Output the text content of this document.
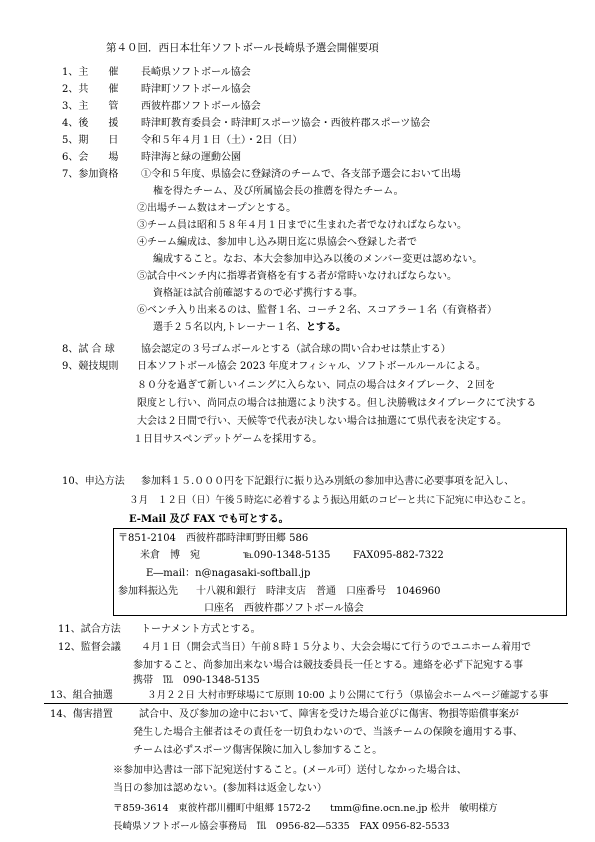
第４０回．西日本壮年ソフトボール長崎県予選会開催要項
1、主　　催 長崎県ソフトボール協会
2、共　　催 時津町ソフトボール協会
3、主　　管 西彼杵郡ソフトボール協会
4、後　　援 時津町教育委員会・時津町スポーツ協会・西彼杵郡スポーツ協会
5、期　　日 令和５年４月１日（土）・2日（日）
6、会　　場 時津海と緑の運動公園
7、参加資格 ①令和５年度、県協会に登録済のチームで、各支部予選会において出場
権を得たチーム、及び所属協会長の推薦を得たチーム。
②出場チーム数はオープンとする。
③チーム員は昭和５８年４月１日までに生まれた者でなければならない。
④チーム編成は、参加申し込み期日迄に県協会へ登録した者で
編成すること。なお、本大会参加申込み以後のメンバー変更は認めない。
⑤試合中ベンチ内に指導者資格を有する者が常時いなければならない。
資格証は試合前確認するので必ず携行する事。
⑥ベンチ入り出来るのは、監督１名、コーチ２名、スコアラー１名（有資格者）
選手２５名以内,トレーナー１名、 とする。
8、試 合 球	協会認定の３号ゴムボールとする（試合球の問い合わせは禁止する）
9、競技規則 日本ソフトボール協会 2023 年度オフィシャル、ソフトボールルールによる。
８０分を過ぎて新しいイニングに入らない、同点の場合はタイブレーク、２回を
限度とし行い、尚同点の場合は抽選により決する。但し決勝戦はタイブレークにて決する
大会は２日間で行い、天候等で代表が決しない場合は抽選にて県代表を決定する。
１日目サスペンデットゲームを採用する。
10、申込方法 参加料１５.０００円を下記銀行に振り込み別紙の参加申込書に必要事項を記入し、
３月　１２日（日）午後５時迄に必着するよう振込用紙のコピーと共に下記宛に申込むこと。
E-Mail 及び FAX でも可とする。
〒851-2104　西彼杵郡時津町野田郷 586
米倉　博　宛	℡090-1348-5135 FAX095-882-7322
E―mail：n@nagasaki-softball.jp
参加料振込先 十八親和銀行　時津支店　普通　口座番号　1046960
口座名　西彼杵郡ソフトボール協会
11、試合方法 トーナメント方式とする。
12、監督会議 ４月１日（開会式当日）午前８時１５分より、大会会場にて行うのでユニホーム着用で
参加すること、尚参加出来ない場合は競技委員長一任とする。連絡を必ず下記宛する事
携帯　℡　090-1348-5135
13、組合抽選	３月２２日 大村市野球場にて原則 10:00 より公開にて行う（県協会ホームページ確認する事
14、傷害措置	試合中、及び参加の途中において、障害を受けた場合並びに傷害、物損等賠償事案が
発生した場合主催者はその責任を一切負わないので、当該チームの保険を適用する事、
チームは必ずスポーツ傷害保険に加入し参加すること。
※参加申込書は一部下記宛送付すること。(メール可）送付しなかった場合は、
当日の参加は認めない。(参加料は返金しない）
〒859-3614　東彼杵郡川棚町中組郷 1572-2　　tmm@fine.ocn.ne.jp 松井　敏明様方
長崎県ソフトボール協会事務局　℡　0956-82―5335　FAX 0956-82-5533
